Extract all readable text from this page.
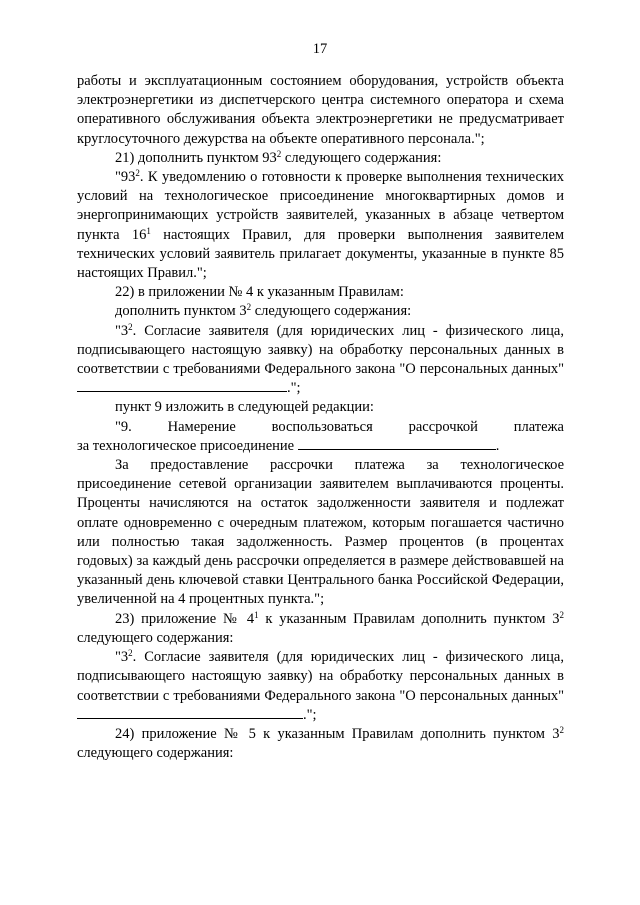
17

работы и эксплуатационным состоянием оборудования, устройств объекта электроэнергетики из диспетчерского центра системного оператора и схема оперативного обслуживания объекта электроэнергетики не предусматривает круглосуточного дежурства на объекте оперативного персонала.";

21) дополнить пунктом $93^2$ следующего содержания:

"$93^2$. К уведомлению о готовности к проверке выполнения технических условий на технологическое присоединение многоквартирных домов и энергопринимающих устройств заявителей, указанных в абзаце четвертом пункта $16^1$ настоящих Правил, для проверки выполнения заявителем технических условий заявитель прилагает документы, указанные в пункте 85 настоящих Правил.";

22) в приложении № 4 к указанным Правилам:

дополнить пунктом $3^2$ следующего содержания:

"$3^2$. Согласие заявителя (для юридических лиц - физического лица, подписывающего настоящую заявку) на обработку персональных данных в соответствии с требованиями Федерального закона "О персональных данных" .";

пункт 9 изложить в следующей редакции:

"9. Намерение воспользоваться рассрочкой платежа

за технологическое присоединение	.

За предоставление рассрочки платежа за технологическое присоединение сетевой организации заявителем выплачиваются проценты. Проценты начисляются на остаток задолженности заявителя и подлежат оплате одновременно с очередным платежом, которым погашается частично или полностью такая задолженность. Размер процентов (в процентах годовых) за каждый день рассрочки определяется в размере действовавшей на указанный день ключевой ставки Центрального банка Российской Федерации, увеличенной на 4 процентных пункта.";

23) приложение № $4^1$ к указанным Правилам дополнить пунктом $3^2$ следующего содержания:

"$3^2$. Согласие заявителя (для юридических лиц - физического лица, подписывающего настоящую заявку) на обработку персональных данных в соответствии с требованиями Федерального закона "О персональных данных".";

24) приложение № 5 к указанным Правилам дополнить пунктом $3^2$ следующего содержания:
